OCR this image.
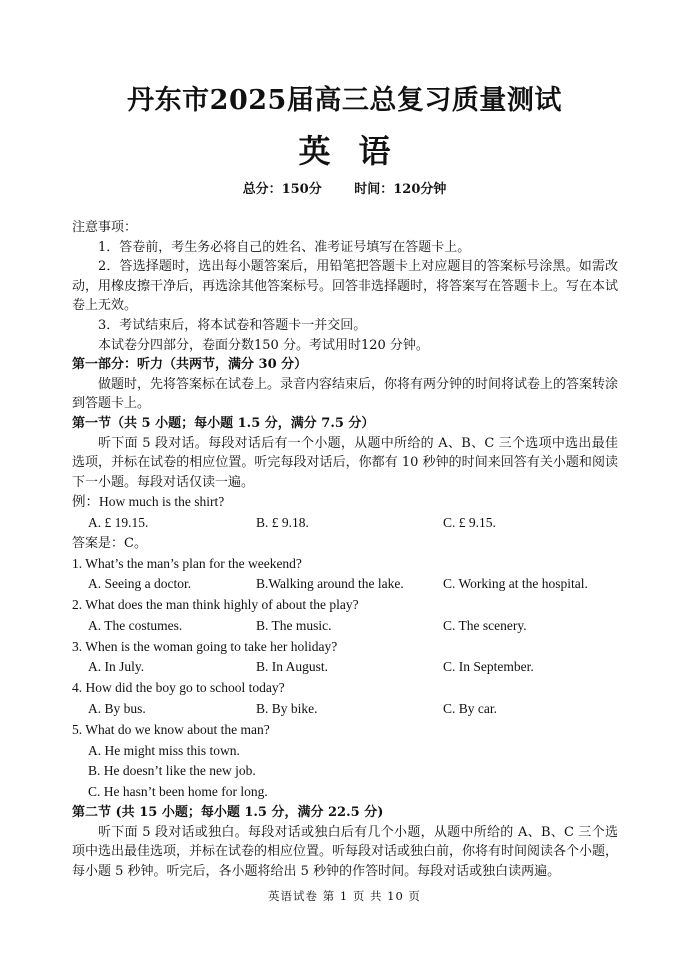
丹东市2025届高三总复习质量测试
英语
总分：150分	时间：120分钟

注意事项：

1．答卷前，考生务必将自己的姓名、准考证号填写在答题卡上。

2．答选择题时，选出每小题答案后，用铅笔把答题卡上对应题目的答案标号涂黑。如需改动，用橡皮擦干净后，再选涂其他答案标号。回答非选择题时，将答案写在答题卡上。写在本试卷上无效。

3．考试结束后，将本试卷和答题卡一并交回。

本试卷分四部分，卷面分数150 分。考试用时120 分钟。

第一部分：听力（共两节，满分 30 分）

做题时，先将答案标在试卷上。录音内容结束后，你将有两分钟的时间将试卷上的答案转涂到答题卡上。

第一节（共 5 小题；每小题 1.5 分，满分 7.5 分）

听下面 5 段对话。每段对话后有一个小题，从题中所给的 A、B、C 三个选项中选出最佳选项，并标在试卷的相应位置。听完每段对话后，你都有 10 秒钟的时间来回答有关小题和阅读下一小题。每段对话仅读一遍。

例：How much is the shirt?

A. £ 19.15.	B. £ 9.18.	C. £ 9.15.

答案是：C。

1. What’s the man’s plan for the weekend?

A. Seeing a doctor.	B.Walking around the lake.	C. Working at the hospital.

2. What does the man think highly of about the play?

A. The costumes.	B. The music.	C. The scenery.

3. When is the woman going to take her holiday?

A. In July.	B. In August.	C. In September.

4. How did the boy go to school today?

A. By bus.	B. By bike.	C. By car.

5. What do we know about the man?

A. He might miss this town.
B. He doesn’t like the new job.
C. He hasn’t been home for long.

第二节 (共 15 小题；每小题 1.5 分，满分 22.5 分)

听下面 5 段对话或独白。每段对话或独白后有几个小题，从题中所给的 A、B、C 三个选项中选出最佳选项，并标在试卷的相应位置。听每段对话或独白前，你将有时间阅读各个小题，每小题 5 秒钟。听完后，各小题将给出 5 秒钟的作答时间。每段对话或独白读两遍。

英语试卷 第 1 页 共 10 页
